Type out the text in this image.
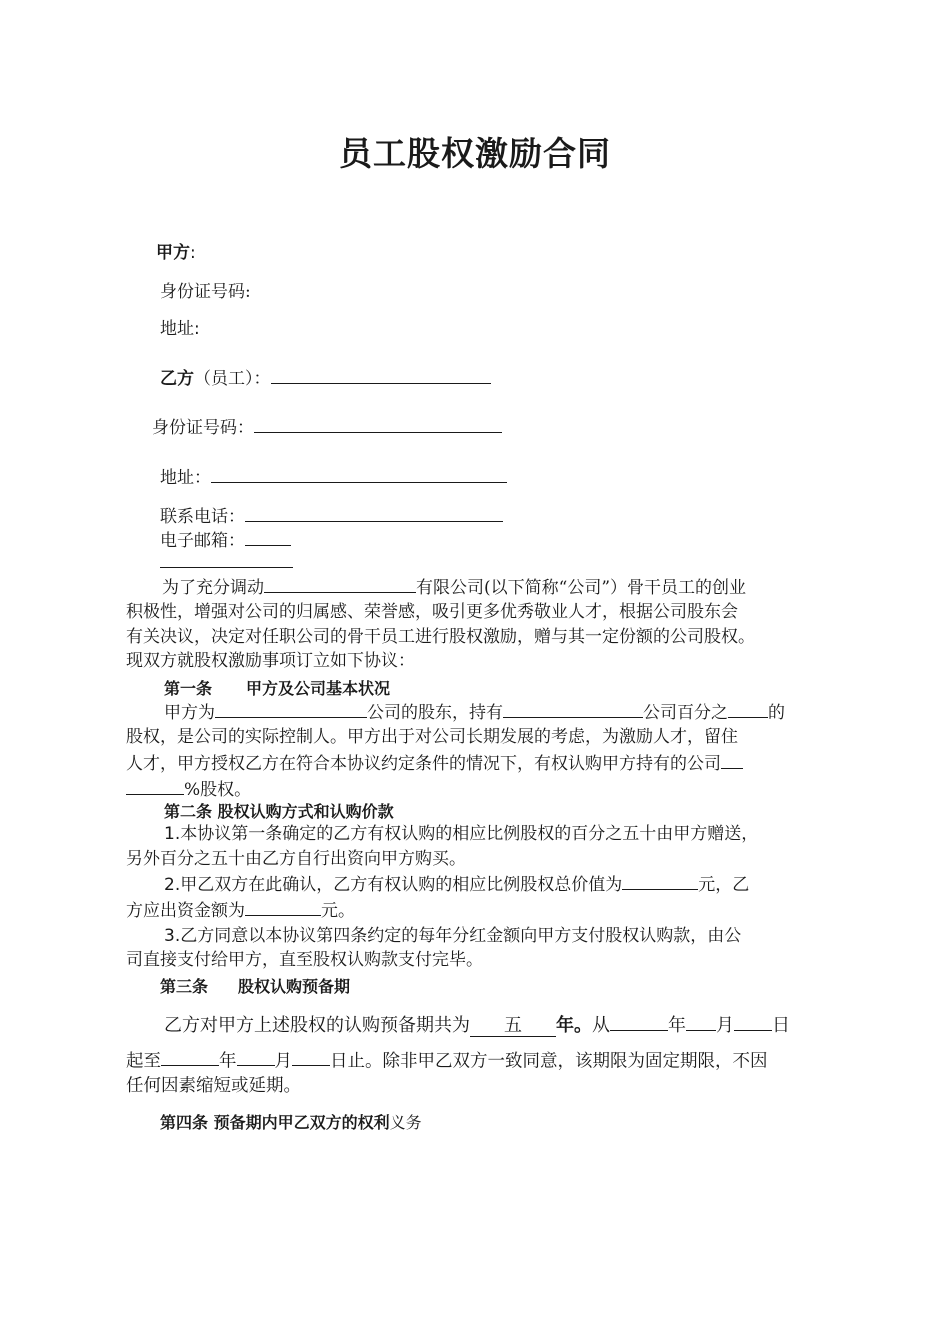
员工股权激励合同
甲方:
身份证号码:
地址:
乙方（员工）：
身份证号码：
地址：
联系电话：
电子邮箱：
为了充分调动	有限公司(以下简称“公司”）骨干员工的创业
积极性，增强对公司的归属感、荣誉感，吸引更多优秀敬业人才，根据公司股东会
有关决议，决定对任职公司的骨干员工进行股权激励，赠与其一定份额的公司股权。
现双方就股权激励事项订立如下协议：
第一条 甲方及公司基本状况
甲方为	公司的股东，持有	公司百分之 的
股权，是公司的实际控制人。甲方出于对公司长期发展的考虑，为激励人才，留住
人才，甲方授权乙方在符合本协议约定条件的情况下，有权认购甲方持有的公司
%股权。
第二条 股权认购方式和认购价款
1.本协议第一条确定的乙方有权认购的相应比例股权的百分之五十由甲方赠送，
另外百分之五十由乙方自行出资向甲方购买。
2.甲乙双方在此确认，乙方有权认购的相应比例股权总价值为	元，乙
方应出资金额为	元。
3.乙方同意以本协议第四条约定的每年分红金额向甲方支付股权认购款，由公
司直接支付给甲方，直至股权认购款支付完毕。
第三条 股权认购预备期
乙方对甲方上述股权的认购预备期共为 五 年。从	年 月 日
起至	年 月 日止。除非甲乙双方一致同意，该期限为固定期限，不因
任何因素缩短或延期。
第四条 预备期内甲乙双方的权利义务
